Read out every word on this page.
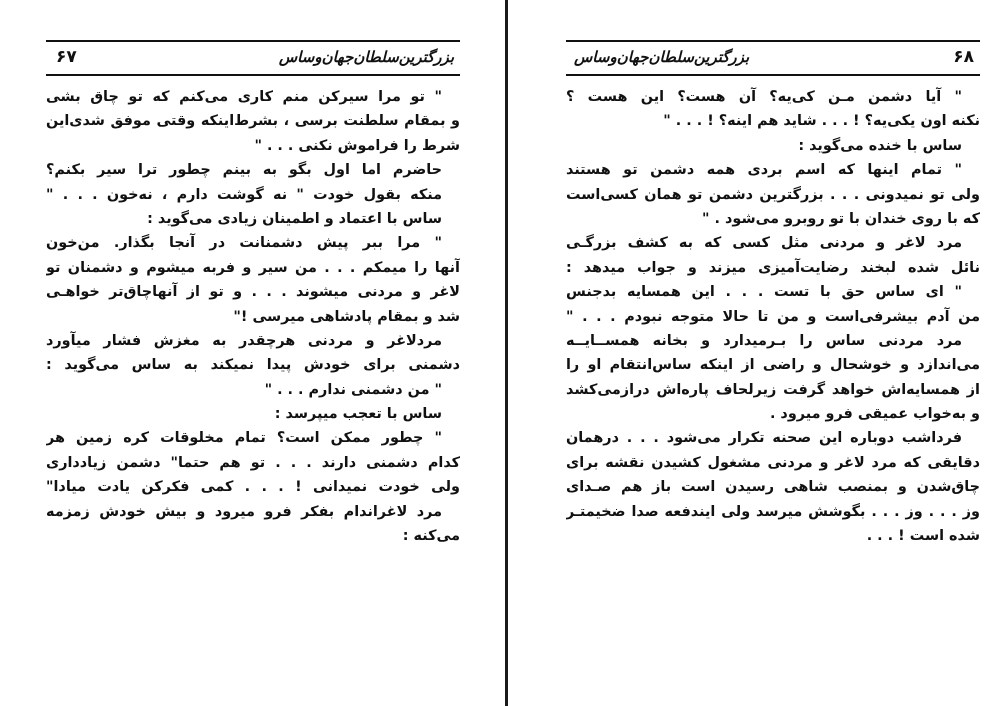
بزرگترین‌سلطان‌جهان‌وساس
۶۷
" تو مرا سیرکن منم کاری می‌کنم که تو چاق بشی
و بمقام سلطنت برسی ، بشرط‌اینکه وقتی موفق شدی‌این
شرط را فراموش نکنی . . . "
حاضرم اما اول بگو به بینم چطور ترا سیر بکنم؟
منکه بقول خودت " نه گوشت دارم ، نه‌خون . . . "
ساس با اعتماد و اطمینان زیادی می‌گوید :
" مرا ببر پیش دشمنانت در آنجا بگذار. من‌خون
آنها را میمکم . . . من سیر و فربه میشوم و دشمنان تو
لاغر و مردنی میشوند . . . و تو از آنها‌چاق‌تر خواهـی
شد و بمقام پادشاهی میرسی !"
مرد‌لاغر و مردنی هرچقدر به مغزش فشار میآورد
دشمنی برای خودش پیدا نمیکند به ساس می‌گوید :
" من دشمنی ندارم . . . "
ساس با تعجب میپرسد :
" چطور ممکن است؟ تمام مخلوقات کره زمین هر
کدام دشمنی دارند . . . تو هم حتما" دشمن زیاد‌داری
ولی خودت نمیدانی ! . . . کمی فکرکن یادت میادا"
مرد لاغراندام بفکر فرو میرود و بیش خودش زمزمه
می‌کنه :
بزرگترین‌سلطان‌جهان‌وساس	۶۸
" آیا دشمن مـن کی‌یه؟ آن هست؟ این هست ؟
نکنه اون یکی‌یه؟ ! . . . شاید هم اینه؟ ! . . . "
ساس با خنده می‌گوید :
" تمام اینها که اسم بردی همه دشمن تو هستند
ولی تو نمیدونی . . . بزرگترین دشمن تو همان کسی‌است
که با روی خندان با تو روبرو می‌شود . "
مرد لاغر و مردنی مثل کسی که به کشف بزرگـی
نائل شده لبخند رضایت‌آمیزی میزند و جواب میدهد :
" ای ساس حق با تست . . . این همسایه بدجنس
من آدم بیشرفی‌است و من تا حالا متوجه نبودم . . . "
مرد مردنی ساس را بـرمیدارد و بخانه همســایــه
می‌اندازد و خوشحال و راضی از اینکه ساس‌انتقام او را
از همسایه‌اش خواهد گرفت زیرلحاف پاره‌اش درازمی‌کشد
و به‌خواب عمیقی فرو میرود .
فرداشب دوباره این صحنه تکرار می‌شود . . . درهمان
دقایقی که مرد لاغر و مردنی مشغول کشیدن نقشه برای
چاق‌شدن و بمنصب شاهی رسیدن است باز هم صـدای
وز . . . وز . . . بگوشش میرسد ولی ایندفعه صدا ضخیمتـر
شده است ! . . .
